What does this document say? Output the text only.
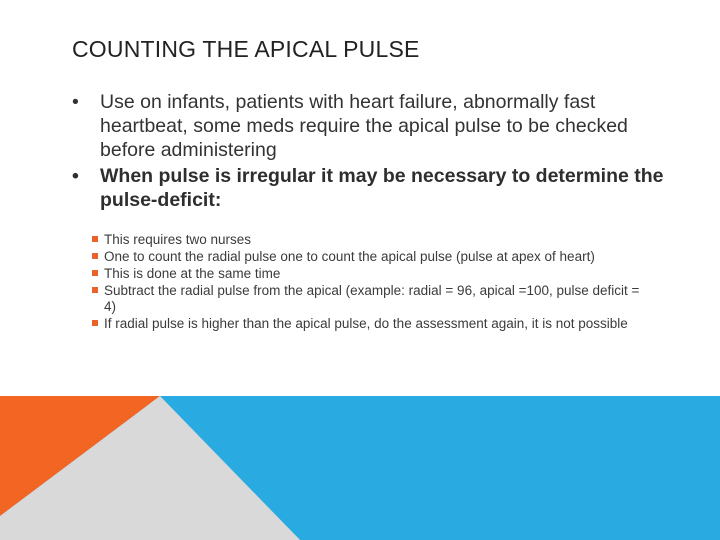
COUNTING THE APICAL PULSE
•	Use on infants, patients with heart failure, abnormally fast heartbeat, some meds require the apical pulse to be checked before administering
•	When pulse is irregular it may be necessary to determine the pulse-deficit:
This requires two nurses
One to count the radial pulse one to count the apical pulse (pulse at apex of heart)
This is done at the same time
Subtract the radial pulse from the apical (example: radial = 96, apical =100, pulse deficit = 4)
If radial pulse is higher than the apical pulse, do the assessment again, it is not possible
